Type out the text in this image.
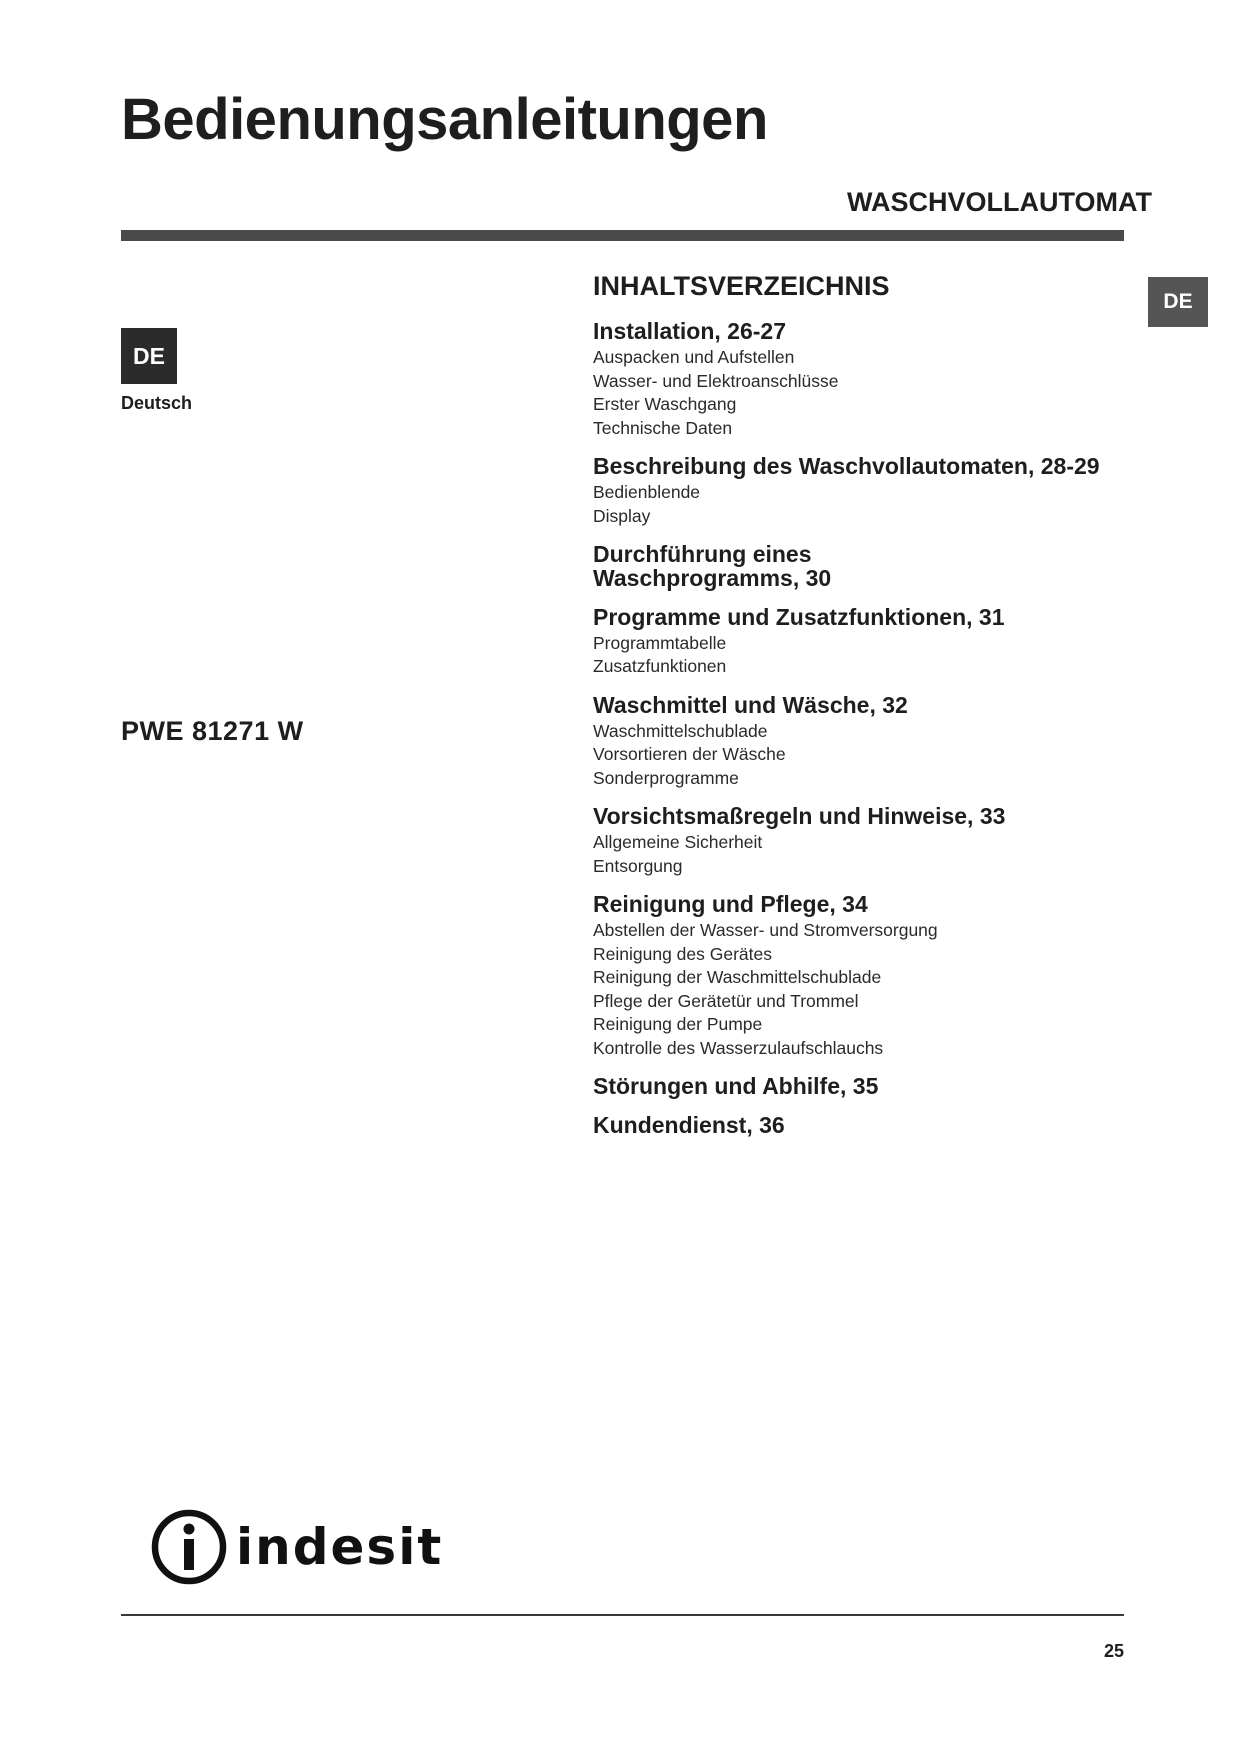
Bedienungsanleitungen
WASCHVOLLAUTOMAT
DE
DE
Deutsch
PWE 81271 W
INHALTSVERZEICHNIS
Installation, 26-27
Auspacken und Aufstellen
Wasser- und Elektroanschlüsse
Erster Waschgang
Technische Daten
Beschreibung des Waschvollautomaten, 28-29
Bedienblende
Display
Durchführung eines Waschprogramms, 30
Programme und Zusatzfunktionen, 31
Programmtabelle
Zusatzfunktionen
Waschmittel und Wäsche, 32
Waschmittelschublade
Vorsortieren der Wäsche
Sonderprogramme
Vorsichtsmaßregeln und Hinweise, 33
Allgemeine Sicherheit
Entsorgung
Reinigung und Pflege, 34
Abstellen der Wasser- und Stromversorgung
Reinigung des Gerätes
Reinigung der Waschmittelschublade
Pflege der Gerätetür und Trommel
Reinigung der Pumpe
Kontrolle des Wasserzulaufschlauchs
Störungen und Abhilfe, 35
Kundendienst, 36
indesit
25
